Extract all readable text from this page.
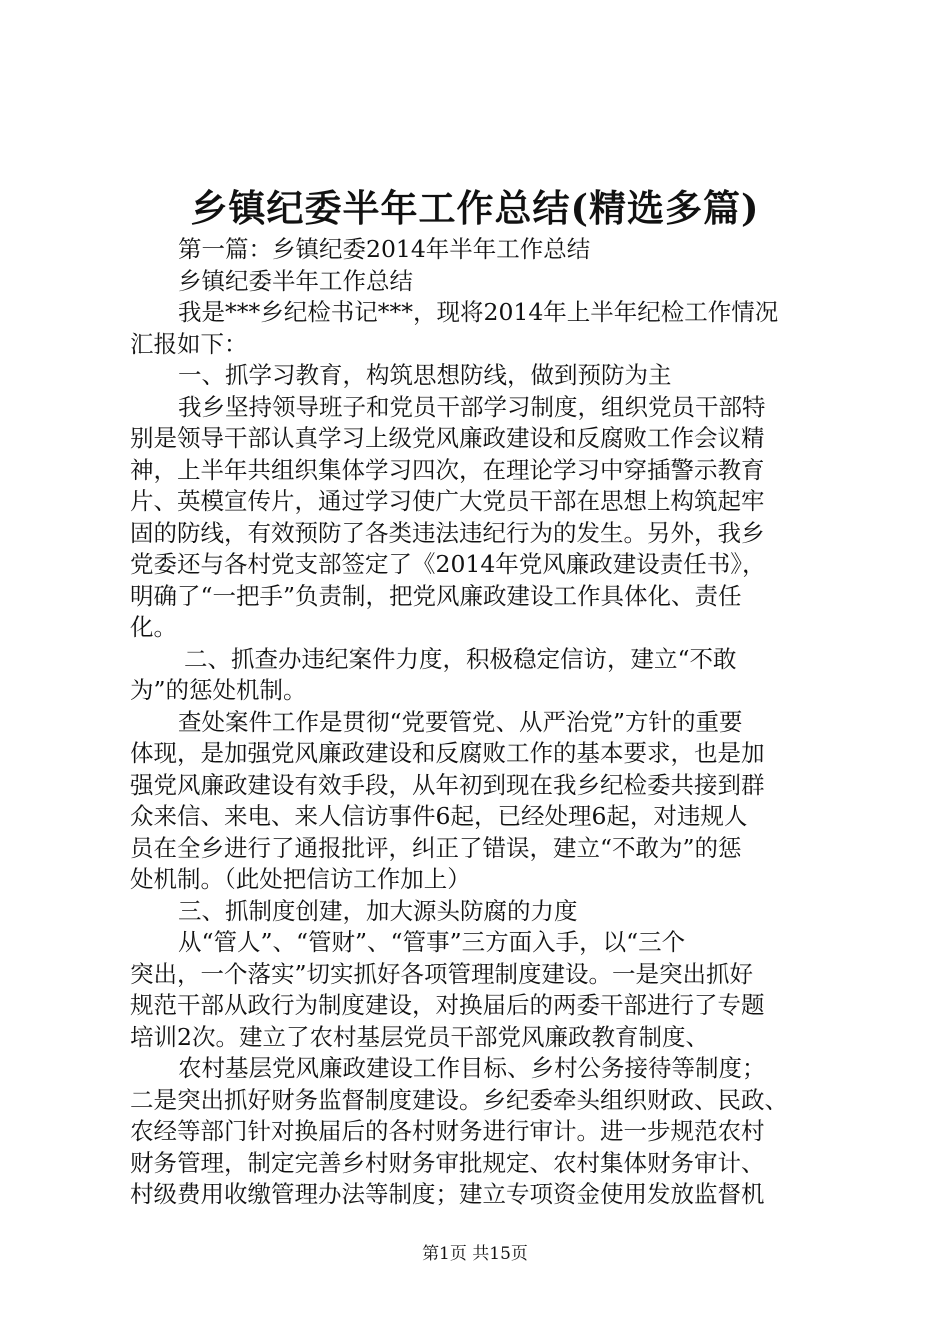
乡镇纪委半年工作总结(精选多篇)
第一篇：乡镇纪委2014年半年工作总结
乡镇纪委半年工作总结
我是***乡纪检书记***，现将2014年上半年纪检工作情况
汇报如下：
一、抓学习教育，构筑思想防线，做到预防为主
我乡坚持领导班子和党员干部学习制度，组织党员干部特
别是领导干部认真学习上级党风廉政建设和反腐败工作会议精
神，上半年共组织集体学习四次，在理论学习中穿插警示教育
片、英模宣传片，通过学习使广大党员干部在思想上构筑起牢
固的防线，有效预防了各类违法违纪行为的发生。另外，我乡
党委还与各村党支部签定了《2014年党风廉政建设责任书》，
明确了“一把手”负责制，把党风廉政建设工作具体化、责任
化。
二、抓查办违纪案件力度，积极稳定信访，建立“不敢
为”的惩处机制。
查处案件工作是贯彻“党要管党、从严治党”方针的重要
体现，是加强党风廉政建设和反腐败工作的基本要求，也是加
强党风廉政建设有效手段，从年初到现在我乡纪检委共接到群
众来信、来电、来人信访事件6起，已经处理6起，对违规人
员在全乡进行了通报批评，纠正了错误，建立“不敢为”的惩
处机制。（此处把信访工作加上）
三、抓制度创建，加大源头防腐的力度
从“管人”、“管财”、“管事”三方面入手，以“三个
突出，一个落实”切实抓好各项管理制度建设。一是突出抓好
规范干部从政行为制度建设，对换届后的两委干部进行了专题
培训2次。建立了农村基层党员干部党风廉政教育制度、
农村基层党风廉政建设工作目标、乡村公务接待等制度；
二是突出抓好财务监督制度建设。乡纪委牵头组织财政、民政、
农经等部门针对换届后的各村财务进行审计。进一步规范农村
财务管理，制定完善乡村财务审批规定、农村集体财务审计、
村级费用收缴管理办法等制度；建立专项资金使用发放监督机
第1页 共15页
